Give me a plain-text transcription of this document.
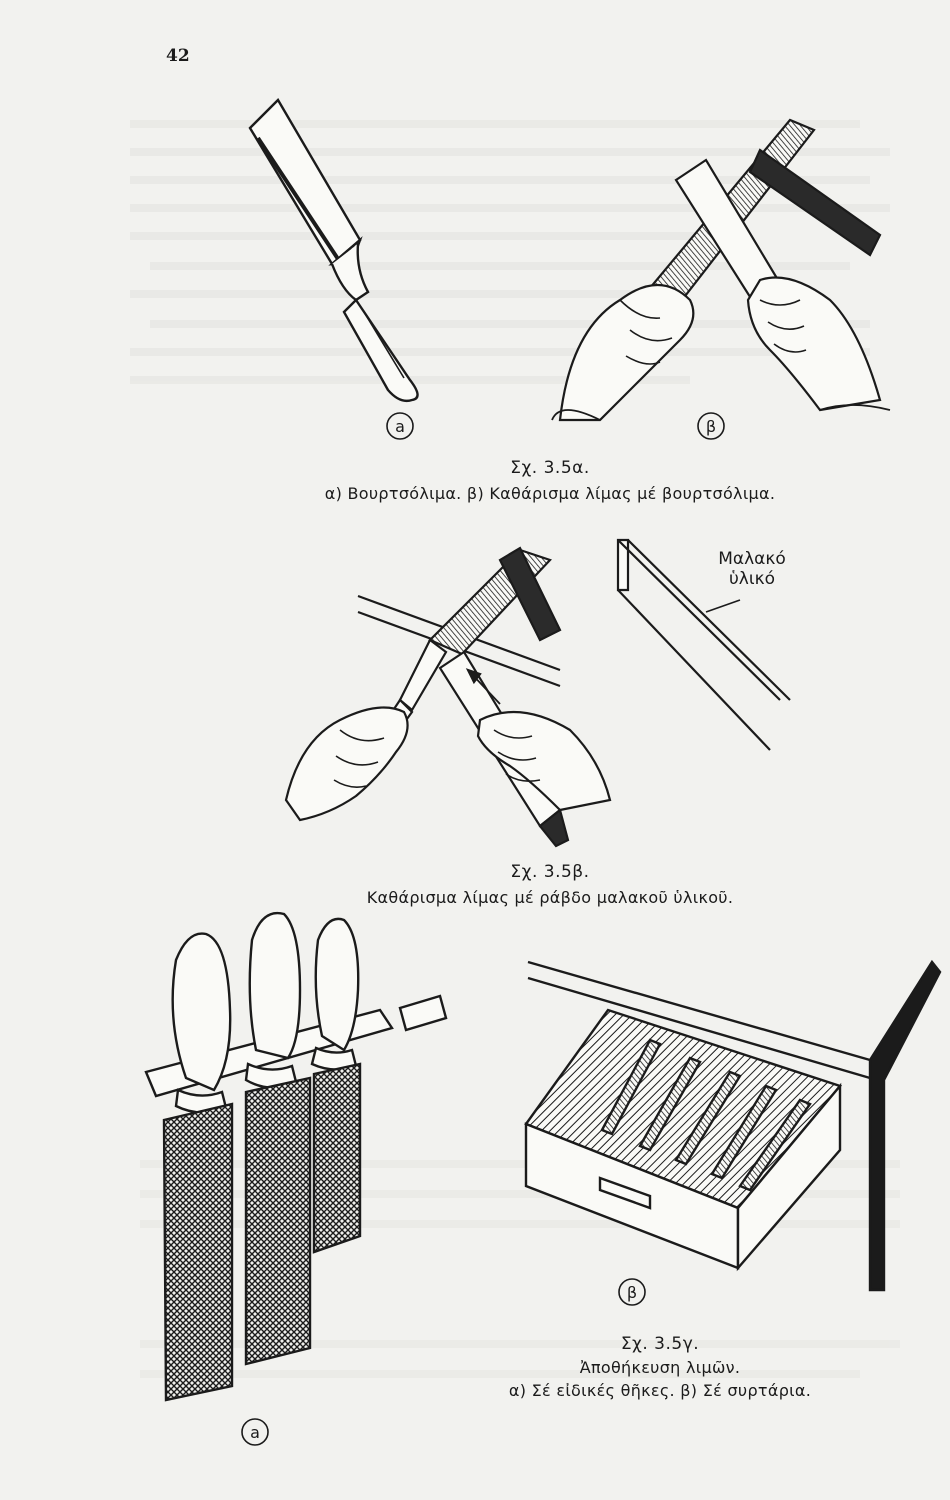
42
a	β
Μαλακό
ὑλικό
a
β
Σχ. 3.5α.
α) Βουρτσόλιμα. β) Καθάρισμα λίμας μέ βουρτσόλιμα.
Σχ. 3.5β.
Καθάρισμα λίμας μέ ράβδο μαλακοῦ ὑλικοῦ.
Σχ. 3.5γ.
Ἀποθήκευση λιμῶν.
α) Σέ εἰδικές θῆκες. β) Σέ συρτάρια.
